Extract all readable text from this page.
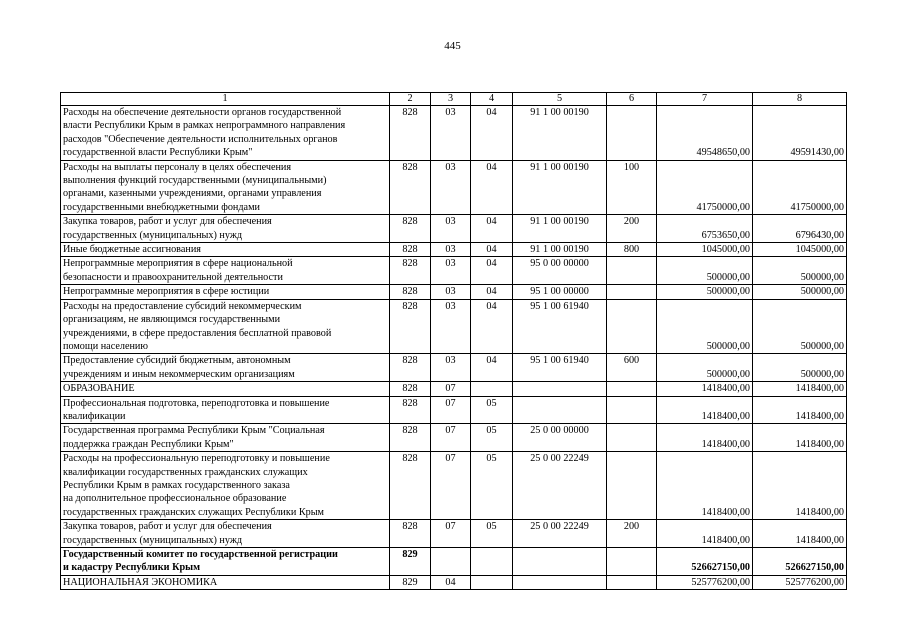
445
1	2	3	4	5	6	7	8
Расходы на обеспечение деятельности органов государственной
власти Республики Крым в рамках непрограммного направления
расходов "Обеспечение деятельности исполнительных органов
государственной власти Республики Крым"	828	03	04	91 1 00 00190		49548650,00	49591430,00
Расходы на выплаты персоналу в целях обеспечения
выполнения функций государственными (муниципальными)
органами, казенными учреждениями, органами управления
государственными внебюджетными фондами	828	03	04	91 1 00 00190	100	41750000,00	41750000,00
Закупка товаров, работ и услуг для обеспечения
государственных (муниципальных) нужд	828	03	04	91 1 00 00190	200	6753650,00	6796430,00
Иные бюджетные ассигнования	828	03	04	91 1 00 00190	800	1045000,00	1045000,00
Непрограммные мероприятия в сфере национальной
безопасности и правоохранительной деятельности	828	03	04	95 0 00 00000		500000,00	500000,00
Непрограммные мероприятия в сфере юстиции	828	03	04	95 1 00 00000		500000,00	500000,00
Расходы на предоставление субсидий некоммерческим
организациям, не являющимся государственными
учреждениями, в сфере предоставления бесплатной правовой
помощи населению	828	03	04	95 1 00 61940		500000,00	500000,00
Предоставление субсидий бюджетным, автономным
учреждениям и иным некоммерческим организациям	828	03	04	95 1 00 61940	600	500000,00	500000,00
ОБРАЗОВАНИЕ	828	07				1418400,00	1418400,00
Профессиональная подготовка, переподготовка и повышение
квалификации	828	07	05			1418400,00	1418400,00
Государственная программа Республики Крым "Социальная
поддержка граждан Республики Крым"	828	07	05	25 0 00 00000		1418400,00	1418400,00
Расходы на профессиональную переподготовку и повышение
квалификации государственных гражданских служащих
Республики Крым в рамках государственного заказа
на дополнительное профессиональное образование
государственных гражданских служащих Республики Крым	828	07	05	25 0 00 22249		1418400,00	1418400,00
Закупка товаров, работ и услуг для обеспечения
государственных (муниципальных) нужд	828	07	05	25 0 00 22249	200	1418400,00	1418400,00
Государственный комитет по государственной регистрации
и кадастру Республики Крым	829					526627150,00	526627150,00
НАЦИОНАЛЬНАЯ ЭКОНОМИКА	829	04				525776200,00	525776200,00
